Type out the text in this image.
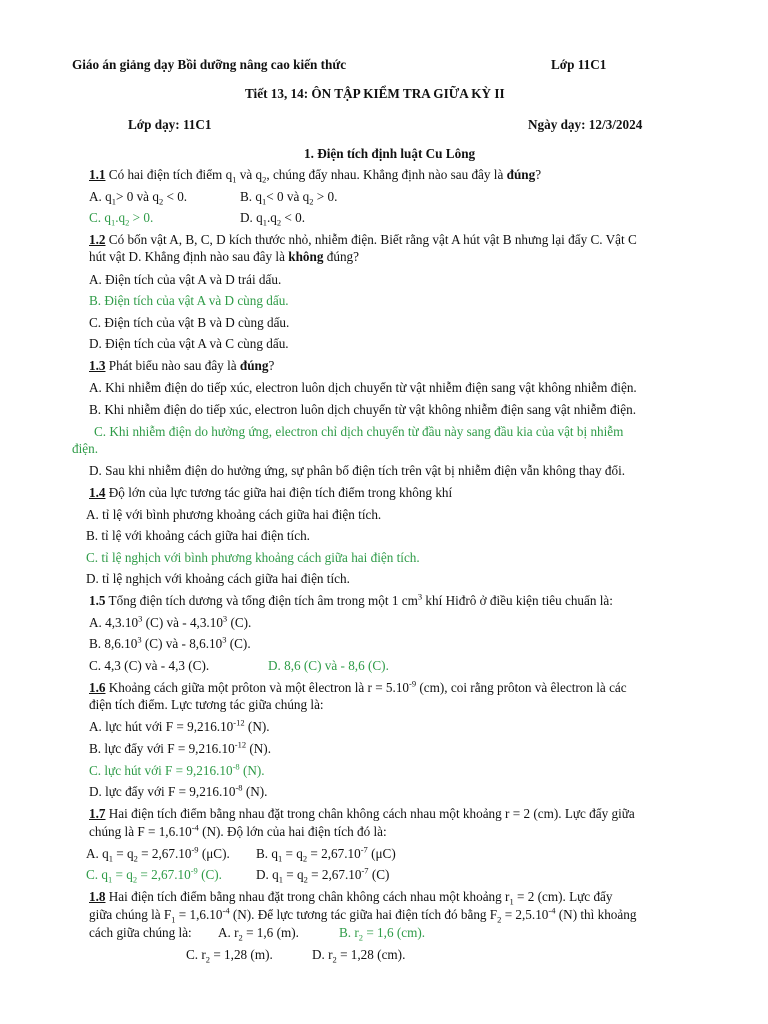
Giáo án giảng dạy Bồi dưỡng nâng cao kiến thức	Lớp 11C1
Tiết 13, 14: ÔN TẬP KIỂM TRA GIỮA KỲ II
Lớp dạy: 11C1	Ngày dạy: 12/3/2024
1. Điện tích định luật Cu Lông
1.1 Có hai điện tích điểm $q_1$ và $q_2$, chúng đẩy nhau. Khẳng định nào sau đây là đúng?
A. $q_1> 0$ và $q_2 < 0$.	B. $q_1< 0$ và $q_2 > 0$.
C. $q_1.q_2 > 0$.	D. $q_1.q_2 < 0$.
1.2 Có bốn vật A, B, C, D kích thước nhỏ, nhiễm điện. Biết rằng vật A hút vật B nhưng lại đẩy C. Vật C
hút vật D. Khẳng định nào sau đây là không đúng?
A. Điện tích của vật A và D trái dấu.
B. Điện tích của vật A và D cùng dấu.
C. Điện tích của vật B và D cùng dấu.
D. Điện tích của vật A và C cùng dấu.
1.3 Phát biểu nào sau đây là đúng?
A. Khi nhiễm điện do tiếp xúc, electron luôn dịch chuyển từ vật nhiễm điện sang vật không nhiễm điện.
B. Khi nhiễm điện do tiếp xúc, electron luôn dịch chuyển từ vật không nhiễm điện sang vật nhiễm điện.
C. Khi nhiễm điện do hưởng ứng, electron chỉ dịch chuyển từ đầu này sang đầu kia của vật bị nhiễm
điện.
D. Sau khi nhiễm điện do hưởng ứng, sự phân bố điện tích trên vật bị nhiễm điện vẫn không thay đổi.
1.4 Độ lớn của lực tương tác giữa hai điện tích điểm trong không khí
A. tỉ lệ với bình phương khoảng cách giữa hai điện tích.
B. tỉ lệ với khoảng cách giữa hai điện tích.
C. tỉ lệ nghịch với bình phương khoảng cách giữa hai điện tích.
D. tỉ lệ nghịch với khoảng cách giữa hai điện tích.
1.5 Tổng điện tích dương và tổng điện tích âm trong một 1 $cm^3$ khí Hiđrô ở điều kiện tiêu chuẩn là:
A. 4,3.10$^3$ (C) và - 4,3.10$^3$ (C).
B. 8,6.10$^3$ (C) và - 8,6.10$^3$ (C).
C. 4,3 (C) và - 4,3 (C).	D. 8,6 (C) và - 8,6 (C).
1.6 Khoảng cách giữa một prôton và một êlectron là $r = 5.10^{-9}$ (cm), coi rằng prôton và êlectron là các
điện tích điểm. Lực tương tác giữa chúng là:
A. lực hút với $F = 9,216.10^{-12}$ (N).
B. lực đẩy với $F = 9,216.10^{-12}$ (N).
C. lực hút với $F = 9,216.10^{-8}$ (N).
D. lực đẩy với $F = 9,216.10^{-8}$ (N).
1.7 Hai điện tích điểm bằng nhau đặt trong chân không cách nhau một khoảng r = 2 (cm). Lực đẩy giữa
chúng là $F = 1,6.10^{-4}$ (N). Độ lớn của hai điện tích đó là:
A. $q_1 = q_2 = 2,67.10^{-9}$ (μC). B. $q_1 = q_2 = 2,67.10^{-7}$ (μC)
C. $q_1 = q_2 = 2,67.10^{-9}$ (C).	D. $q_1 = q_2 = 2,67.10^{-7}$ (C)
1.8 Hai điện tích điểm bằng nhau đặt trong chân không cách nhau một khoảng $r_1 = 2$ (cm). Lực đẩy
giữa chúng là $F_1 = 1,6.10^{-4}$ (N). Để lực tương tác giữa hai điện tích đó bằng $F_2 = 2,5.10^{-4}$ (N) thì khoảng
cách giữa chúng là: A. $r_2 = 1,6$ (m).	B. $r_2 = 1,6$ (cm).
C. $r_2 = 1,28$ (m).	D. $r_2 = 1,28$ (cm).
